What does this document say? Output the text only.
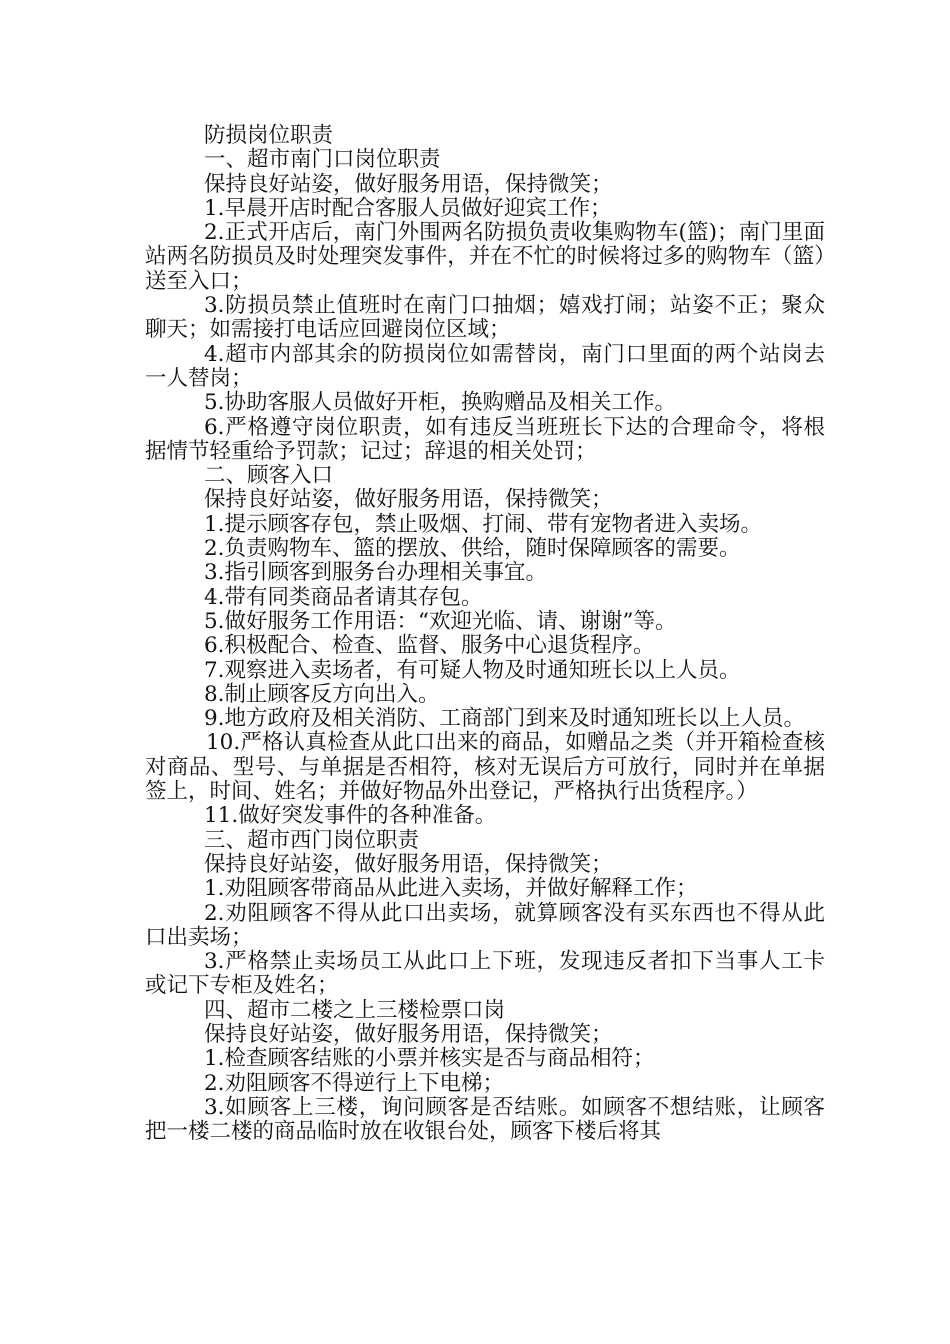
防损岗位职责

一、超市南门口岗位职责

保持良好站姿，做好服务用语，保持微笑；

1.早晨开店时配合客服人员做好迎宾工作；

2.正式开店后，南门外围两名防损负责收集购物车(篮)；南门里面站两名防损员及时处理突发事件，并在不忙的时候将过多的购物车（篮）送至入口；

3.防损员禁止值班时在南门口抽烟；嬉戏打闹；站姿不正；聚众聊天；如需接打电话应回避岗位区域；

4.超市内部其余的防损岗位如需替岗，南门口里面的两个站岗去一人替岗；

5.协助客服人员做好开柜，换购赠品及相关工作。

6.严格遵守岗位职责，如有违反当班班长下达的合理命令，将根据情节轻重给予罚款；记过；辞退的相关处罚；

二、顾客入口

保持良好站姿，做好服务用语，保持微笑；

1.提示顾客存包，禁止吸烟、打闹、带有宠物者进入卖场。

2.负责购物车、篮的摆放、供给，随时保障顾客的需要。

3.指引顾客到服务台办理相关事宜。

4.带有同类商品者请其存包。

5.做好服务工作用语：“欢迎光临、请、谢谢”等。

6.积极配合、检查、监督、服务中心退货程序。

7.观察进入卖场者，有可疑人物及时通知班长以上人员。

8.制止顾客反方向出入。

9.地方政府及相关消防、工商部门到来及时通知班长以上人员。

10.严格认真检查从此口出来的商品，如赠品之类（并开箱检查核对商品、型号、与单据是否相符，核对无误后方可放行，同时并在单据签上，时间、姓名；并做好物品外出登记，严格执行出货程序。）

11.做好突发事件的各种准备。

三、超市西门岗位职责

保持良好站姿，做好服务用语，保持微笑；

1.劝阻顾客带商品从此进入卖场，并做好解释工作；

2.劝阻顾客不得从此口出卖场，就算顾客没有买东西也不得从此口出卖场；

3.严格禁止卖场员工从此口上下班，发现违反者扣下当事人工卡或记下专柜及姓名；

四、超市二楼之上三楼检票口岗

保持良好站姿，做好服务用语，保持微笑；

1.检查顾客结账的小票并核实是否与商品相符；

2.劝阻顾客不得逆行上下电梯；

3.如顾客上三楼，询问顾客是否结账。如顾客不想结账，让顾客把一楼二楼的商品临时放在收银台处，顾客下楼后将其
